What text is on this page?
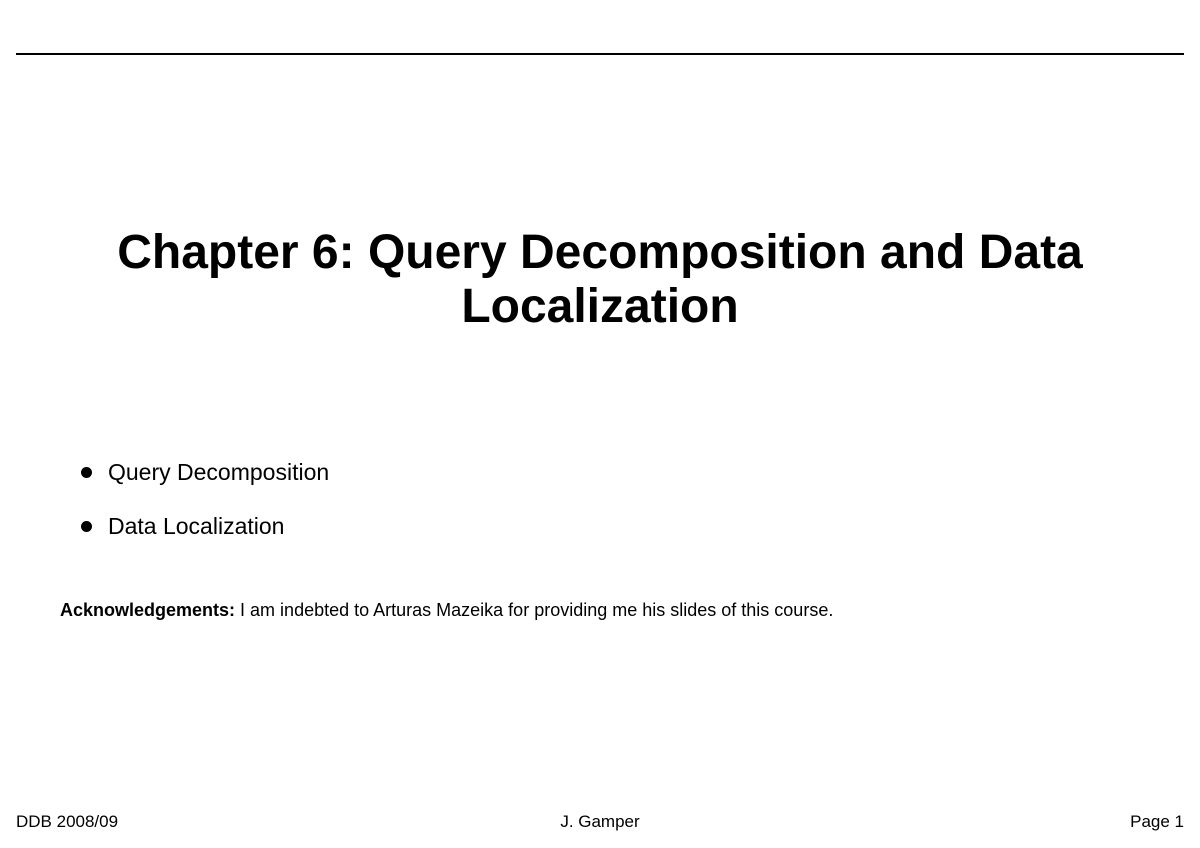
Chapter 6: Query Decomposition and Data
Localization
Query Decomposition
Data Localization

Acknowledgements: I am indebted to Arturas Mazeika for providing me his slides of this course.

DDB 2008/09	J. Gamper	Page 1
